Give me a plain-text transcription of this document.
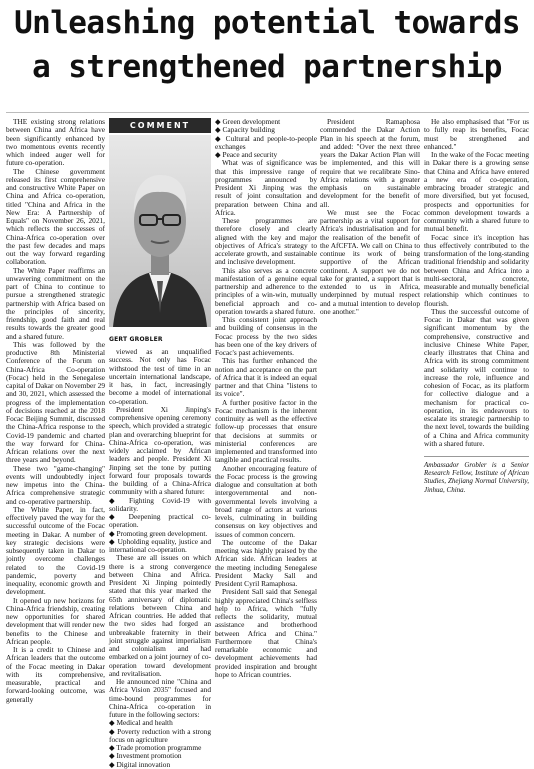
Unleashing potential towards
a strengthened partnership

THE existing strong relations between China and Africa have been significantly enhanced by two momentous events recently which indeed auger well for future co-operation.

The Chinese government released its first comprehensive and constructive White Paper on China and Africa co-operation, titled "China and Africa in the New Era: A Partnership of Equals" on November 26, 2021, which reflects the successes of China-Africa co-operation over the past few decades and maps out the way forward regarding collaboration.

The White Paper reaffirms an unwavering commitment on the part of China to continue to pursue a strengthened strategic partnership with Africa based on the principles of sincerity, friendship, good faith and real results towards the greater good and a shared future.

This was followed by the productive 8th Ministerial Conference of the Forum on China-Africa Co-operation (Focac) held in the Senegalese capital of Dakar on November 29 and 30, 2021, which assessed the progress of the implementation of decisions reached at the 2018 Focac Beijing Summit, discussed the China-Africa response to the Covid-19 pandemic and charted the way forward for China-African relations over the next three years and beyond.

These two "game-changing" events will undoubtedly inject new impetus into the China-Africa comprehensive strategic and co-operative partnership.

The White Paper, in fact, effectively paved the way for the successful outcome of the Focac meeting in Dakar. A number of key strategic decisions were subsequently taken in Dakar to jointly overcome challenges related to the Covid-19 pandemic, poverty and inequality, economic growth and development.

It opened up new horizons for China-Africa friendship, creating new opportunities for shared development that will render new benefits to the Chinese and African people.

It is a credit to Chinese and African leaders that the outcome of the Focac meeting in Dakar with its comprehensive, measurable, practical and forward-looking outcome, was generally

COMMENT
GERT GROBLER

viewed as an unqualified success. Not only has Focac withstood the test of time in an uncertain international landscape, it has, in fact, increasingly become a model of international co-operation.

President Xi Jinping's comprehensive opening ceremony speech, which provided a strategic plan and overarching blueprint for China-Africa co-operation, was widely acclaimed by African leaders and people. President Xi Jinping set the tone by putting forward four proposals towards the building of a China-Africa community with a shared future:

◆ Fighting Covid-19 with solidarity.

◆ Deepening practical co-operation.

◆ Promoting green development.

◆ Upholding equality, justice and international co-operation.

These are all issues on which there is a strong convergence between China and Africa. President Xi Jinping pointedly stated that this year marked the 65th anniversary of diplomatic relations between China and African countries. He added that the two sides had forged an unbreakable fraternity in their joint struggle against imperialism and colonialism and had embarked on a joint journey of co-operation toward development and revitalisation.

He announced nine "China and Africa Vision 2035" focused and time-bound programmes for China-Africa co-operation in future in the following sectors:

◆ Medical and health

◆ Poverty reduction with a strong focus on agriculture

◆ Trade promotion programme

◆ Investment promotion

◆ Digital innovation

◆ Green development

◆ Capacity building

◆ Cultural and people-to-people exchanges

◆ Peace and security

What was of significance was that this impressive range of programmes announced by President Xi Jinping was the result of joint consultation and preparation between China and Africa.

These programmes are therefore closely and clearly aligned with the key and major objectives of Africa's strategy to accelerate growth, and sustainable and inclusive development.

This also serves as a concrete manifestation of a genuine equal partnership and adherence to the principles of a win-win, mutually beneficial approach and co-operation towards a shared future.

This consistent joint approach and building of consensus in the Focac process by the two sides has been one of the key drivers of Focac's past achievements.

This has further enhanced the notion and acceptance on the part of Africa that it is indeed an equal partner and that China "listens to its voice".

A further positive factor in the Focac mechanism is the inherent continuity as well as the effective follow-up processes that ensure that decisions at summits or ministerial conferences are implemented and transformed into tangible and practical results.

Another encouraging feature of the Focac process is the growing dialogue and consultation at both intergovernmental and non-governmental levels involving a broad range of actors at various levels, culminating in building consensus on key objectives and issues of common concern.

The outcome of the Dakar meeting was highly praised by the African side. African leaders at the meeting including Senegalese President Macky Sall and President Cyril Ramaphosa.

President Sall said that Senegal highly appreciated China's selfless help to Africa, which "fully reflects the solidarity, mutual assistance and brotherhood between Africa and China." Furthermore that China's remarkable economic and development achievements had provided inspiration and brought hope to African countries.

President Ramaphosa commended the Dakar Action Plan in his speech at the forum, and added: "Over the next three years the Dakar Action Plan will be implemented, and this will require that we recalibrate Sino-Africa relations with a greater emphasis on sustainable development for the benefit of all.

We must see the Focac partnership as a vital support for Africa's industrialisation and for the realisation of the benefit of the AfCFTA. We call on China to continue its work of being supportive of the African continent. A support we do not take for granted, a support that is extended to us in Africa, underpinned by mutual respect and a mutual intention to develop one another."

He also emphasised that "For us to fully reap its benefits, Focac must be strengthened and enhanced."

In the wake of the Focac meeting in Dakar there is a growing sense that China and Africa have entered a new era of co-operation, embracing broader strategic and more diversified, but yet focused, prospects and opportunities for common development towards a community with a shared future to mutual benefit.

Focac since it's inception has thus effectively contributed to the transformation of the long-standing traditional friendship and solidarity between China and Africa into a multi-sectoral, concrete, measurable and mutually beneficial relationship which continues to flourish.

Thus the successful outcome of Focac in Dakar that was given significant momentum by the comprehensive, constructive and inclusive Chinese White Paper, clearly illustrates that China and Africa with its strong commitment and solidarity will continue to increase the role, influence and cohesion of Focac, as its platform for collective dialogue and a mechanism for practical co-operation, in its endeavours to escalate its strategic partnership to the next level, towards the building of a China and Africa community with a shared future.

Ambassador Grobler is a Senior Research Fellow, Institute of African Studies, Zhejiang Normal University, Jinhua, China.
